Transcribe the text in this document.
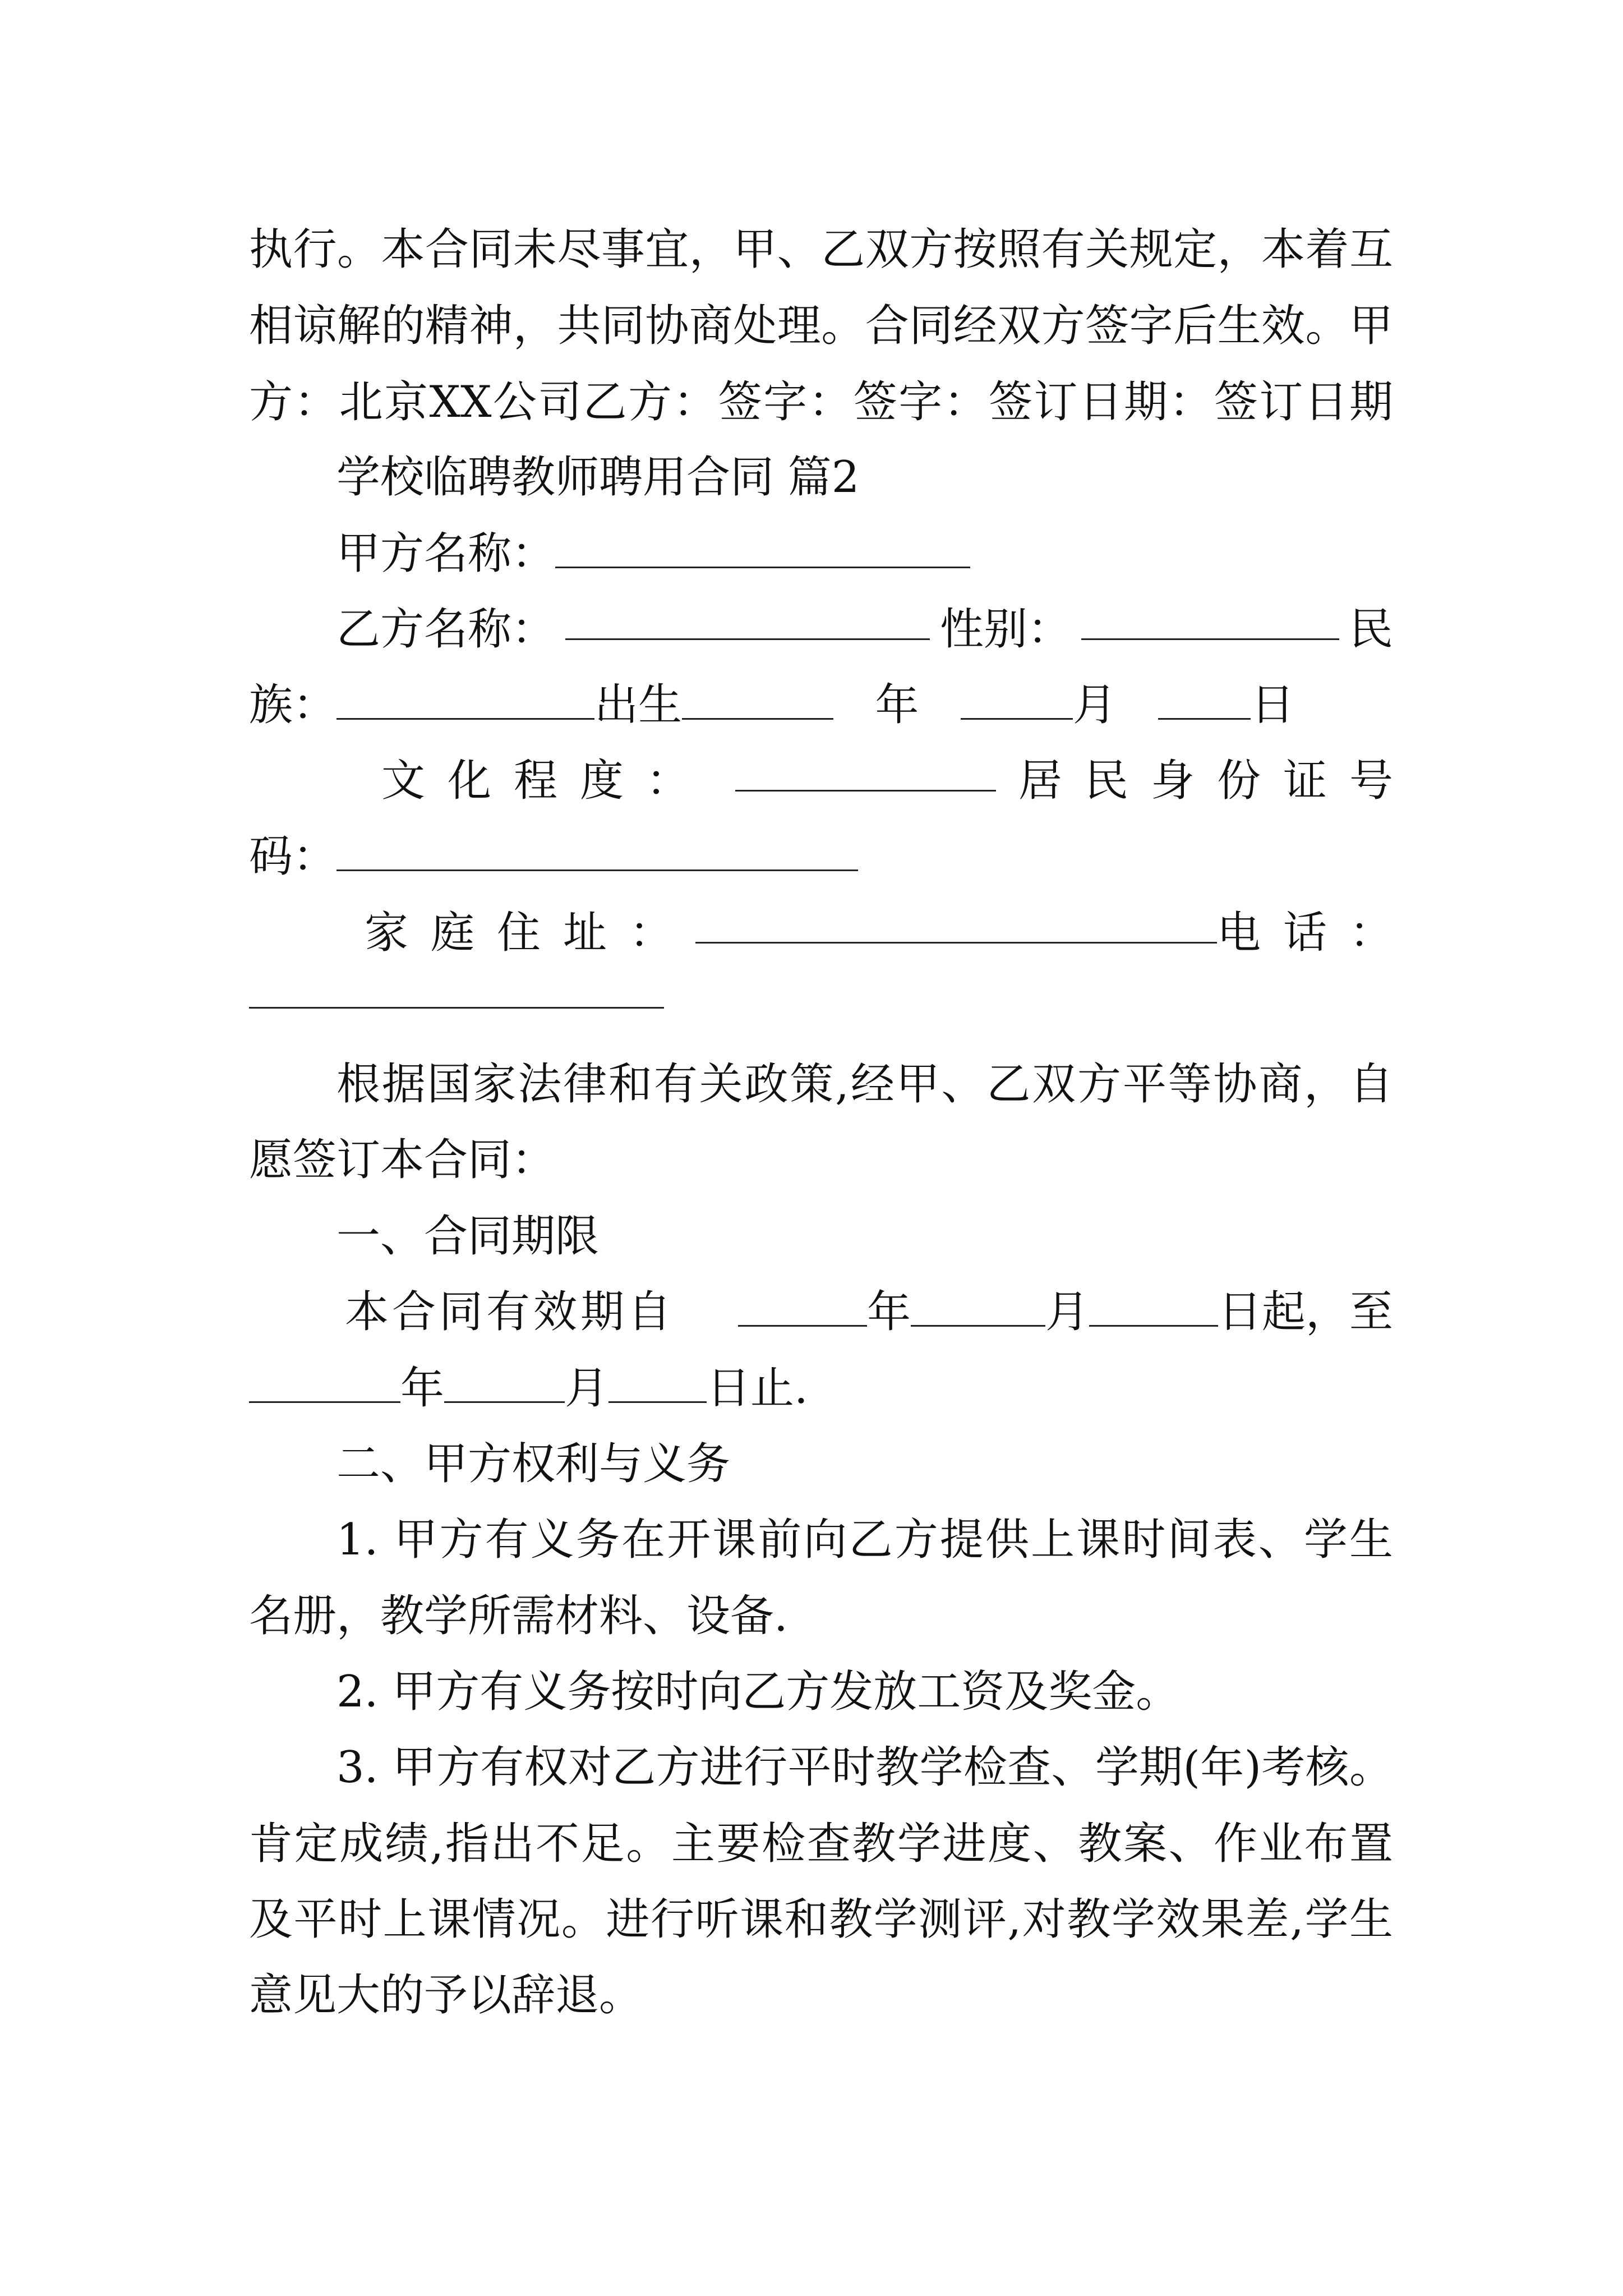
执行。本合同未尽事宜，甲、乙双方按照有关规定，本着互
相谅解的精神，共同协商处理。合同经双方签字后生效。甲
方：北京XX公司乙方：签字：签字：签订日期：签订日期
学校临聘教师聘用合同 篇2
甲方名称：
乙方名称：	性别：	民
族：	出生	年	月	日
文化程度：	居民身份证号
码：
家庭住址：	电话：
根据国家法律和有关政策,经甲、乙双方平等协商，自
愿签订本合同：
一、合同期限
本合同有效期自	年	月	日起，至
年	月 日止.
二、甲方权利与义务
1. 甲方有义务在开课前向乙方提供上课时间表、学生
名册，教学所需材料、设备.
2. 甲方有义务按时向乙方发放工资及奖金。
3. 甲方有权对乙方进行平时教学检查、学期(年)考核。
肯定成绩,指出不足。主要检查教学进度、教案、作业布置
及平时上课情况。进行听课和教学测评,对教学效果差,学生
意见大的予以辞退。
